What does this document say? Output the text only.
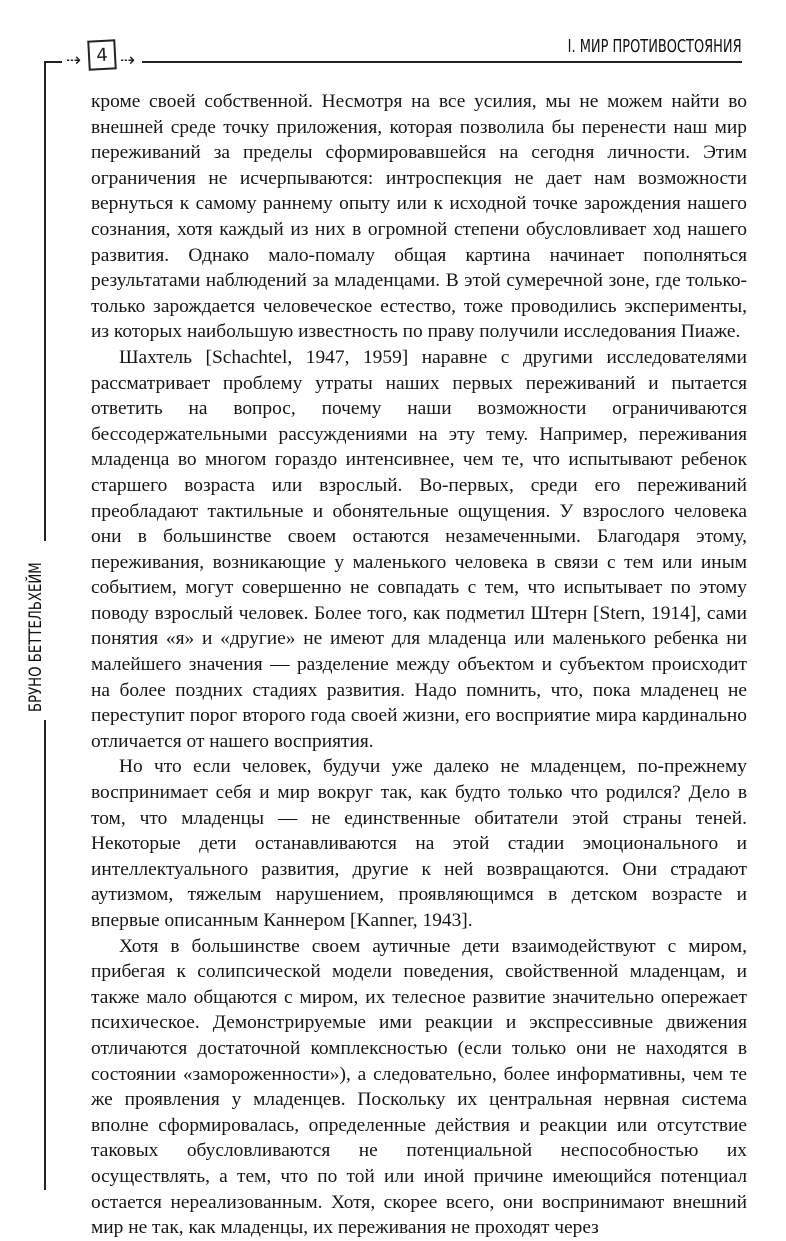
⇢ 4 ⇢
I. МИР ПРОТИВОСТОЯНИЯ
БРУНО БЕТТЕЛЬХЕЙМ

кроме своей собственной. Несмотря на все усилия, мы не можем найти во внешней среде точку приложения, которая позволила бы перенести наш мир переживаний за пределы сформировавшейся на сегодня личности. Этим ограничения не исчерпываются: интроспекция не дает нам возможности вернуться к самому раннему опыту или к исходной точке зарождения нашего сознания, хотя каждый из них в огромной степени обусловливает ход нашего развития. Однако мало-помалу общая картина начинает пополняться результатами наблюдений за младенцами. В этой сумеречной зоне, где только-только зарождается человеческое естество, тоже проводились эксперименты, из которых наибольшую известность по праву получили исследования Пиаже.

Шахтель [Schachtel, 1947, 1959] наравне с другими исследователями рассматривает проблему утраты наших первых переживаний и пытается ответить на вопрос, почему наши возможности ограничиваются бессодержательными рассуждениями на эту тему. Например, переживания младенца во многом гораздо интенсивнее, чем те, что испытывают ребенок старшего возраста или взрослый. Во-первых, среди его переживаний преобладают тактильные и обонятельные ощущения. У взрослого человека они в большинстве своем остаются незамеченными. Благодаря этому, переживания, возникающие у маленького человека в связи с тем или иным событием, могут совершенно не совпадать с тем, что испытывает по этому поводу взрослый человек. Более того, как подметил Штерн [Stern, 1914], сами понятия «я» и «другие» не имеют для младенца или маленького ребенка ни малейшего значения — разделение между объектом и субъектом происходит на более поздних стадиях развития. Надо помнить, что, пока младенец не переступит порог второго года своей жизни, его восприятие мира кардинально отличается от нашего восприятия.

Но что если человек, будучи уже далеко не младенцем, по-прежнему воспринимает себя и мир вокруг так, как будто только что родился? Дело в том, что младенцы — не единственные обитатели этой страны теней. Некоторые дети останавливаются на этой стадии эмоционального и интеллектуального развития, другие к ней возвращаются. Они страдают аутизмом, тяжелым нарушением, проявляющимся в детском возрасте и впервые описанным Каннером [Kanner, 1943].

Хотя в большинстве своем аутичные дети взаимодействуют с миром, прибегая к солипсической модели поведения, свойственной младенцам, и также мало общаются с миром, их телесное развитие значительно опережает психическое. Демонстрируемые ими реакции и экспрессивные движения отличаются достаточной комплексностью (если только они не находятся в состоянии «замороженности»), а следовательно, более информативны, чем те же проявления у младенцев. Поскольку их центральная нервная система вполне сформировалась, определенные действия и реакции или отсутствие таковых обусловливаются не потенциальной неспособностью их осуществлять, а тем, что по той или иной причине имеющийся потенциал остается нереализованным. Хотя, скорее всего, они воспринимают внешний мир не так, как младенцы, их переживания не проходят через
